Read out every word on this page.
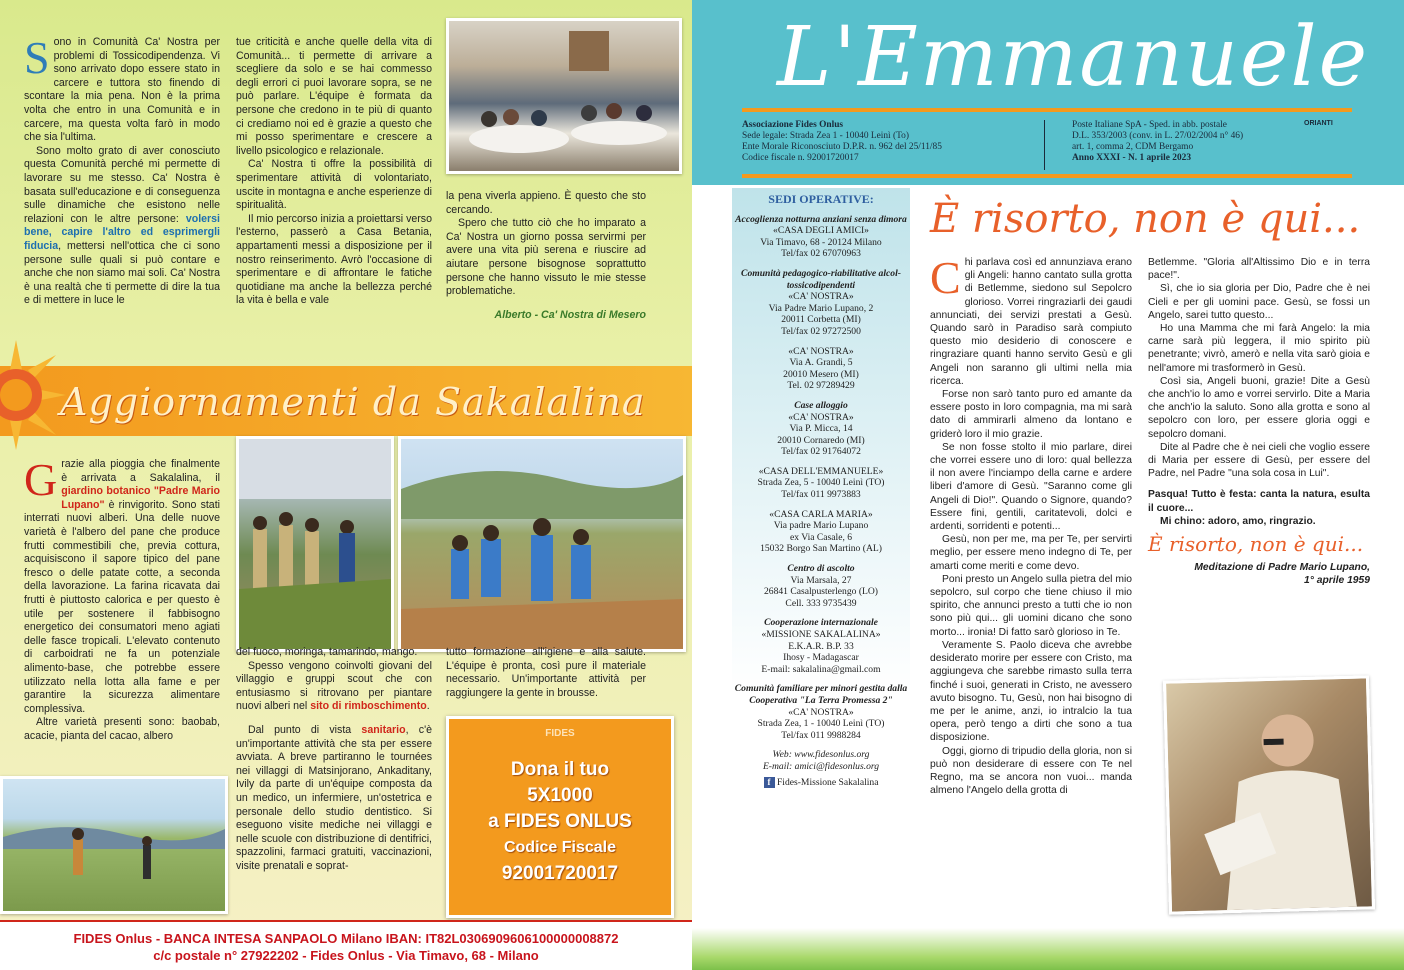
S ono in Comunità Ca' Nostra per problemi di Tossicodipendenza. Vi sono arrivato dopo essere stato in carcere e tuttora sto finendo di scontare la mia pena. Non è la prima volta che entro in una Comunità e in carcere, ma questa volta farò in modo che sia l'ultima.

Sono molto grato di aver conosciuto questa Comunità perché mi permette di lavorare su me stesso. Ca' Nostra è basata sull'educazione e di conseguenza sulle dinamiche che esistono nelle relazioni con le altre persone: volersi bene, capire l'altro ed esprimergli fiducia, mettersi nell'ottica che ci sono persone sulle quali si può contare e anche che non siamo mai soli. Ca' Nostra è una realtà che ti permette di dire la tua e di mettere in luce le

tue criticità e anche quelle della vita di Comunità... ti permette di arrivare a scegliere da solo e se hai commesso degli errori ci puoi lavorare sopra, se ne può parlare. L'équipe è formata da persone che credono in te più di quanto ci crediamo noi ed è grazie a questo che mi posso sperimentare e crescere a livello psicologico e relazionale.

Ca' Nostra ti offre la possibilità di sperimentare attività di volontariato, uscite in montagna e anche esperienze di spiritualità.

Il mio percorso inizia a proiettarsi verso l'esterno, passerò a Casa Betania, appartamenti messi a disposizione per il nostro reinserimento. Avrò l'occasione di sperimentare e di affrontare le fatiche quotidiane ma anche la bellezza perché la vita è bella e vale

la pena viverla appieno. È questo che sto cercando.

Spero che tutto ciò che ho imparato a Ca' Nostra un giorno possa servirmi per avere una vita più serena e riuscire ad aiutare persone bisognose soprattutto persone che hanno vissuto le mie stesse problematiche.

Alberto - Ca' Nostra di Mesero

Aggiornamenti da Sakalalina
G razie alla pioggia che finalmente è arrivata a Sakalalina, il giardino botanico "Padre Mario Lupano" è rinvigorito. Sono stati interrati nuovi alberi. Una delle nuove varietà è l'albero del pane che produce frutti commestibili che, previa cottura, acquisiscono il sapore tipico del pane fresco o delle patate cotte, a seconda della lavorazione. La farina ricavata dai frutti è piuttosto calorica e per questo è utile per sostenere il fabbisogno energetico dei consumatori meno agiati delle fasce tropicali. L'elevato contenuto di carboidrati ne fa un potenziale alimento-base, che potrebbe essere utilizzato nella lotta alla fame e per garantire la sicurezza alimentare complessiva.

Altre varietà presenti sono: baobab, acacie, pianta del cacao, albero

del fuoco, moringa, tamarindo, mango.

Spesso vengono coinvolti giovani del villaggio e gruppi scout che con entusiasmo si ritrovano per piantare nuovi alberi nel sito di rimboschimento.

Dal punto di vista sanitario, c'è un'importante attività che sta per essere avviata. A breve partiranno le tournées nei villaggi di Matsinjorano, Ankaditany, Ivily da parte di un'équipe composta da un medico, un infermiere, un'ostetrica e personale dello studio dentistico. Si eseguono visite mediche nei villaggi e nelle scuole con distribuzione di dentifrici, spazzolini, farmaci gratuiti, vaccinazioni, visite prenatali e soprat-

tutto formazione all'igiene e alla salute. L'équipe è pronta, così pure il materiale necessario. Un'importante attività per raggiungere la gente in brousse.

FIDES
Dona il tuo
5X1000
a FIDES ONLUS
Codice Fiscale
92001720017
FIDES Onlus - BANCA INTESA SANPAOLO Milano IBAN: IT82L0306909606100000008872
c/c postale n° 27922202 - Fides Onlus - Via Timavo, 68 - Milano
L'Emmanuele
Associazione Fides Onlus
Sede legale: Strada Zea 1 - 10040 Leinì (To)
Ente Morale Riconosciuto D.P.R. n. 962 del 25/11/85
Codice fiscale n. 92001720017
Poste Italiane SpA - Sped. in abb. postale
D.L. 353/2003 (conv. in L. 27/02/2004 n° 46)
art. 1, comma 2, CDM Bergamo
Anno XXXI - N. 1 aprile 2023
ORIANTI
SEDI OPERATIVE:
Accoglienza notturna anziani senza dimora
«CASA DEGLI AMICI»
Via Timavo, 68 - 20124 Milano
Tel/fax 02 67070963
Comunità pedagogico-riabilitative alcol-tossicodipendenti
«CA' NOSTRA»
Via Padre Mario Lupano, 2
20011 Corbetta (MI)
Tel/fax 02 97272500
«CA' NOSTRA»
Via A. Grandi, 5
20010 Mesero (MI)
Tel. 02 97289429
Case alloggio
«CA' NOSTRA»
Via P. Micca, 14
20010 Cornaredo (MI)
Tel/fax 02 91764072
«CASA DELL'EMMANUELE»
Strada Zea, 5 - 10040 Leinì (TO)
Tel/fax 011 9973883
«CASA CARLA MARIA»
Via padre Mario Lupano
ex Via Casale, 6
15032 Borgo San Martino (AL)
Centro di ascolto
Via Marsala, 27
26841 Casalpusterlengo (LO)
Cell. 333 9735439
Cooperazione internazionale
«MISSIONE SAKALALINA»
E.K.A.R. B.P. 33
Ihosy - Madagascar
E-mail: sakalalina@gmail.com
Comunità familiare per minori gestita dalla Cooperativa "La Terra Promessa 2"
«CA' NOSTRA»
Strada Zea, 1 - 10040 Leinì (TO)
Tel/fax 011 9988284
Web: www.fidesonlus.org
E-mail: amici@fidesonlus.org
f Fides-Missione Sakalalina
È risorto, non è qui...
C hi parlava così ed annunziava erano gli Angeli: hanno cantato sulla grotta di Betlemme, siedono sul Sepolcro glorioso. Vorrei ringraziarli dei gaudi annunciati, dei servizi prestati a Gesù. Quando sarò in Paradiso sarà compiuto questo mio desiderio di conoscere e ringraziare quanti hanno servito Gesù e gli Angeli non saranno gli ultimi nella mia ricerca.

Forse non sarò tanto puro ed amante da essere posto in loro compagnia, ma mi sarà dato di ammirarli almeno da lontano e griderò loro il mio grazie.

Se non fosse stolto il mio parlare, direi che vorrei essere uno di loro: qual bellezza il non avere l'inciampo della carne e ardere liberi d'amore di Gesù. "Saranno come gli Angeli di Dio!". Quando o Signore, quando? Essere fini, gentili, caritatevoli, dolci e ardenti, sorridenti e potenti...

Gesù, non per me, ma per Te, per servirti meglio, per essere meno indegno di Te, per amarti come meriti e come devo.

Poni presto un Angelo sulla pietra del mio sepolcro, sul corpo che tiene chiuso il mio spirito, che annunci presto a tutti che io non sono più qui... gli uomini dicano che sono morto... ironia! Di fatto sarò glorioso in Te.

Veramente S. Paolo diceva che avrebbe desiderato morire per essere con Cristo, ma aggiungeva che sarebbe rimasto sulla terra finché i suoi, generati in Cristo, ne avessero avuto bisogno. Tu, Gesù, non hai bisogno di me per le anime, anzi, io intralcio la tua opera, però tengo a dirti che sono a tua disposizione.

Oggi, giorno di tripudio della gloria, non si può non desiderare di essere con Te nel Regno, ma se ancora non vuoi... manda almeno l'Angelo della grotta di

Betlemme. "Gloria all'Altissimo Dio e in terra pace!".

Sì, che io sia gloria per Dio, Padre che è nei Cieli e per gli uomini pace. Gesù, se fossi un Angelo, sarei tutto questo...

Ho una Mamma che mi farà Angelo: la mia carne sarà più leggera, il mio spirito più penetrante; vivrò, amerò e nella vita sarò gioia e nell'amore mi trasformerò in Gesù.

Così sia, Angeli buoni, grazie! Dite a Gesù che anch'io lo amo e vorrei servirlo. Dite a Maria che anch'io la saluto. Sono alla grotta e sono al sepolcro con loro, per essere gloria oggi e sepolcro domani.

Dite al Padre che è nei cieli che voglio essere di Maria per essere di Gesù, per essere del Padre, nel Padre "una sola cosa in Lui".

Pasqua! Tutto è festa: canta la natura, esulta il cuore...

Mi chino: adoro, amo, ringrazio.

È risorto, non è qui...
Meditazione di Padre Mario Lupano,
1° aprile 1959
